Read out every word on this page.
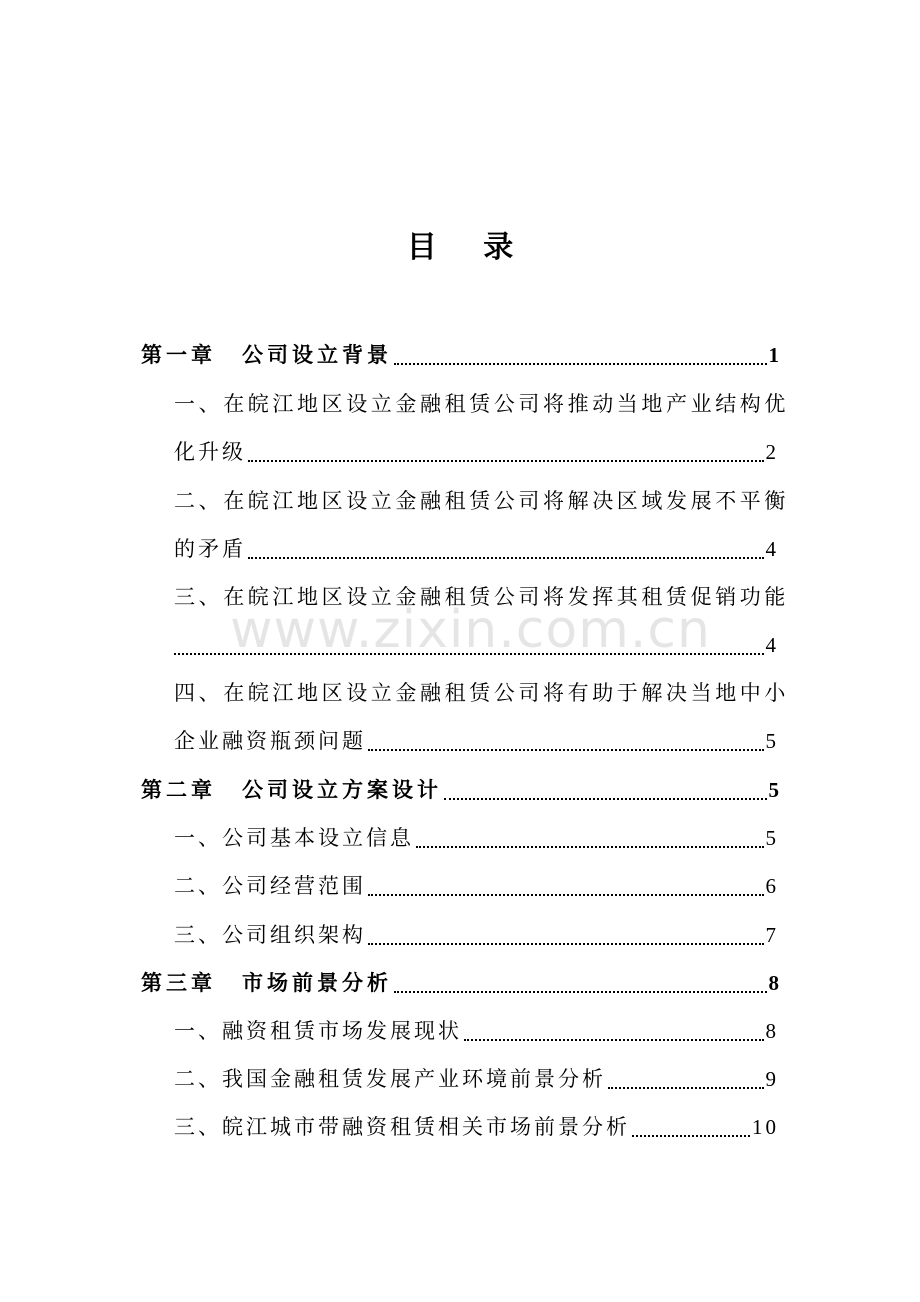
www.zixin.com.cn
目 录
第一章 公司设立背景	1
一、在皖江地区设立金融租赁公司将推动当地产业结构优
化升级	2
二、在皖江地区设立金融租赁公司将解决区域发展不平衡
的矛盾	4
三、在皖江地区设立金融租赁公司将发挥其租赁促销功能
4
四、在皖江地区设立金融租赁公司将有助于解决当地中小
企业融资瓶颈问题	5
第二章 公司设立方案设计	5
一、公司基本设立信息	5
二、公司经营范围	6
三、公司组织架构	7
第三章 市场前景分析	8
一、融资租赁市场发展现状	8
二、我国金融租赁发展产业环境前景分析	9
三、皖江城市带融资租赁相关市场前景分析	10
